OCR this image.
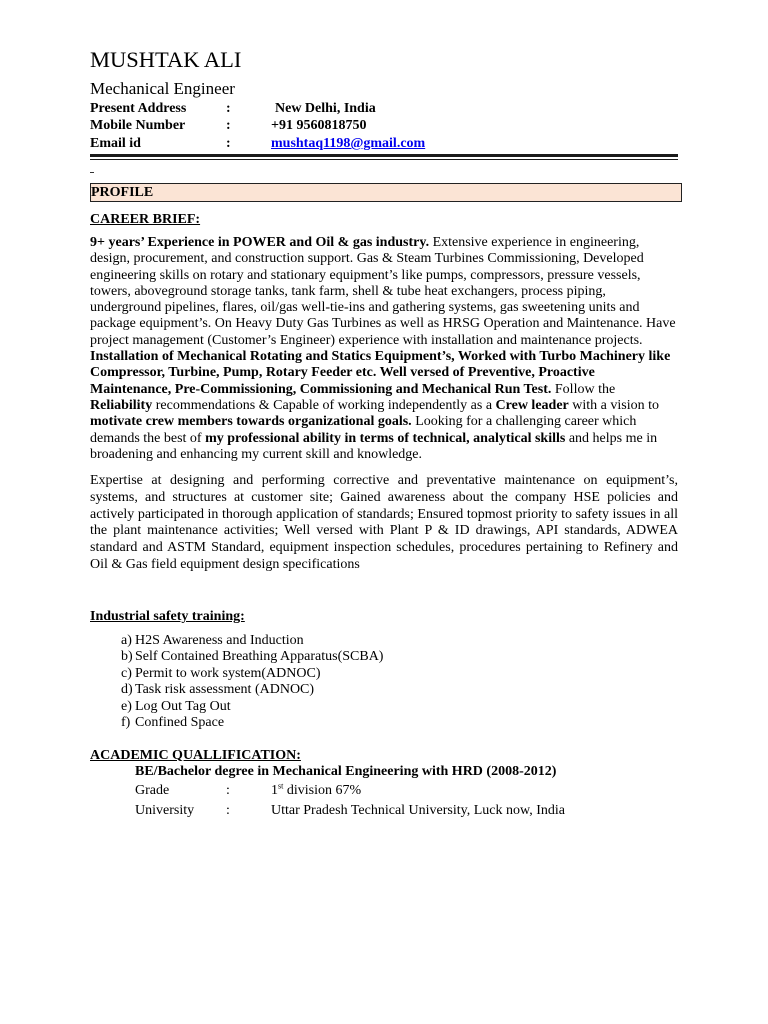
MUSHTAK ALI
Mechanical Engineer
Present Address	:	New Delhi, India
Mobile Number	:	+91 9560818750
Email id	:	mushtaq1198@gmail.com
PROFILE
CAREER BRIEF:
9+ years’ Experience in POWER and Oil & gas industry. Extensive experience in engineering, design, procurement, and construction support. Gas & Steam Turbines Commissioning, Developed engineering skills on rotary and stationary equipment’s like pumps, compressors, pressure vessels, towers, aboveground storage tanks, tank farm, shell & tube heat exchangers, process piping, underground pipelines, flares, oil/gas well-tie-ins and gathering systems, gas sweetening units and package equipment’s. On Heavy Duty Gas Turbines as well as HRSG Operation and Maintenance. Have project management (Customer’s Engineer) experience with installation and maintenance projects. Installation of Mechanical Rotating and Statics Equipment’s, Worked with Turbo Machinery like Compressor, Turbine, Pump, Rotary Feeder etc. Well versed of Preventive, Proactive Maintenance, Pre-Commissioning, Commissioning and Mechanical Run Test. Follow the Reliability recommendations & Capable of working independently as a Crew leader with a vision to motivate crew members towards organizational goals. Looking for a challenging career which demands the best of my professional ability in terms of technical, analytical skills and helps me in broadening and enhancing my current skill and knowledge.
Expertise at designing and performing corrective and preventative maintenance on equipment’s, systems, and structures at customer site; Gained awareness about the company HSE policies and actively participated in thorough application of standards; Ensured topmost priority to safety issues in all the plant maintenance activities; Well versed with Plant P & ID drawings, API standards, ADWEA standard and ASTM Standard, equipment inspection schedules, procedures pertaining to Refinery and Oil & Gas field equipment design specifications
Industrial safety training:
a) H2S Awareness and Induction
b) Self Contained Breathing Apparatus(SCBA)
c) Permit to work system(ADNOC)
d) Task risk assessment (ADNOC)
e) Log Out Tag Out
f) Confined Space
ACADEMIC QUALLIFICATION:
BE/Bachelor degree in Mechanical Engineering with HRD (2008-2012)
Grade	:	1st division 67%
University :	Uttar Pradesh Technical University, Luck now, India
